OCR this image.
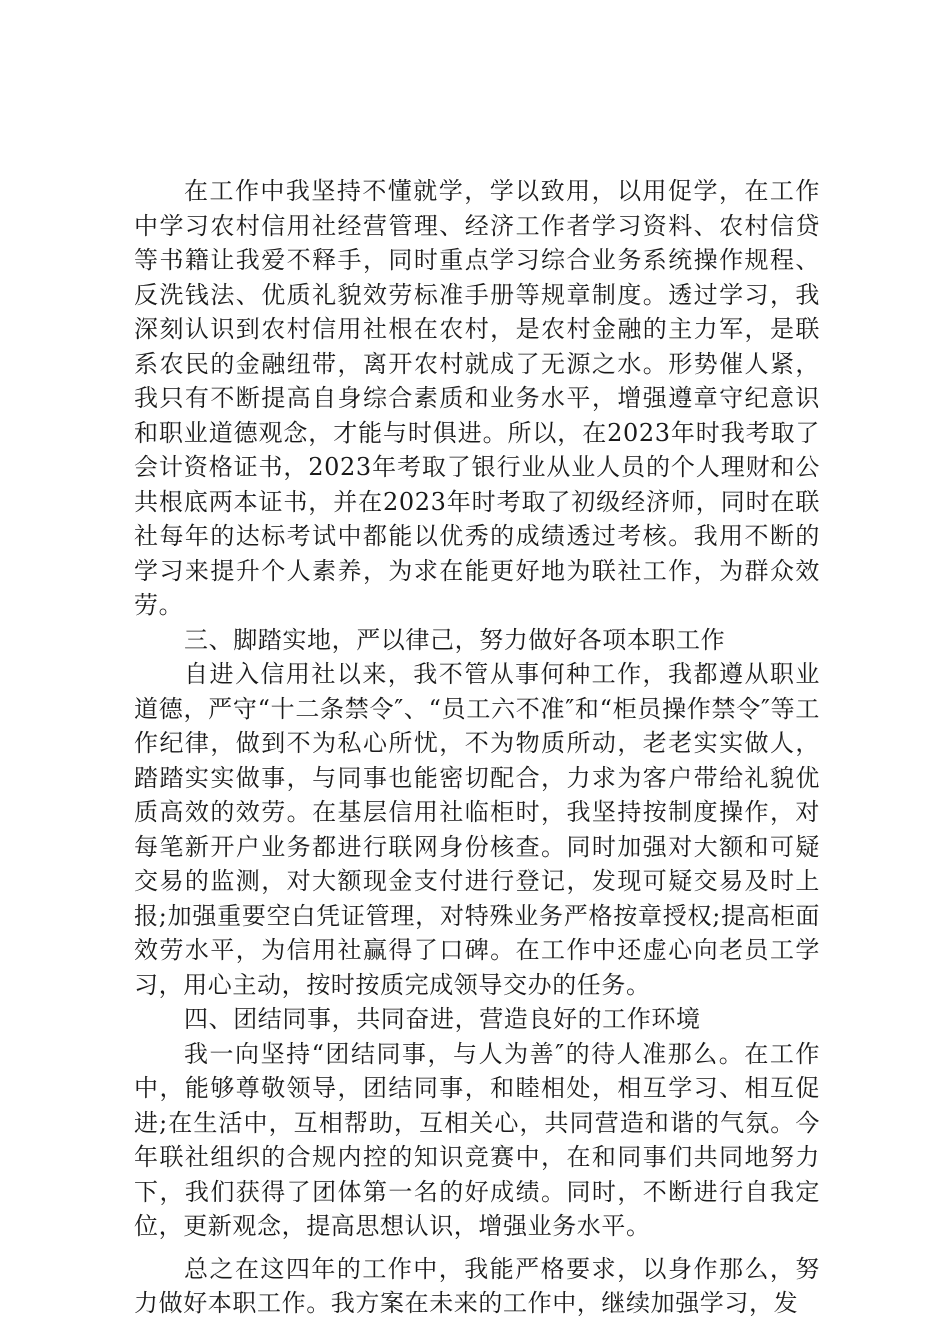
在工作中我坚持不懂就学，学以致用，以用促学，在工作中学习农村信用社经营管理、经济工作者学习资料、农村信贷等书籍让我爱不释手，同时重点学习综合业务系统操作规程、反洗钱法、优质礼貌效劳标准手册等规章制度。透过学习，我深刻认识到农村信用社根在农村，是农村金融的主力军，是联系农民的金融纽带，离开农村就成了无源之水。形势催人紧，我只有不断提高自身综合素质和业务水平，增强遵章守纪意识和职业道德观念，才能与时俱进。所以，在2023年时我考取了会计资格证书，2023年考取了银行业从业人员的个人理财和公共根底两本证书，并在2023年时考取了初级经济师，同时在联社每年的达标考试中都能以优秀的成绩透过考核。我用不断的学习来提升个人素养，为求在能更好地为联社工作，为群众效劳。

三、脚踏实地，严以律己，努力做好各项本职工作

自进入信用社以来，我不管从事何种工作，我都遵从职业道德，严守“十二条禁令″、“员工六不准″和“柜员操作禁令″等工作纪律，做到不为私心所忧，不为物质所动，老老实实做人，踏踏实实做事，与同事也能密切配合，力求为客户带给礼貌优质高效的效劳。在基层信用社临柜时，我坚持按制度操作，对每笔新开户业务都进行联网身份核查。同时加强对大额和可疑交易的监测，对大额现金支付进行登记，发现可疑交易及时上报;加强重要空白凭证管理，对特殊业务严格按章授权;提高柜面效劳水平，为信用社赢得了口碑。在工作中还虚心向老员工学习，用心主动，按时按质完成领导交办的任务。

四、团结同事，共同奋进，营造良好的工作环境

我一向坚持“团结同事，与人为善″的待人准那么。在工作中，能够尊敬领导，团结同事，和睦相处，相互学习、相互促进;在生活中，互相帮助，互相关心，共同营造和谐的气氛。今年联社组织的合规内控的知识竞赛中，在和同事们共同地努力下，我们获得了团体第一名的好成绩。同时，不断进行自我定位，更新观念，提高思想认识，增强业务水平。

总之在这四年的工作中，我能严格要求，以身作那么，努力做好本职工作。我方案在未来的工作中，继续加强学习，发
